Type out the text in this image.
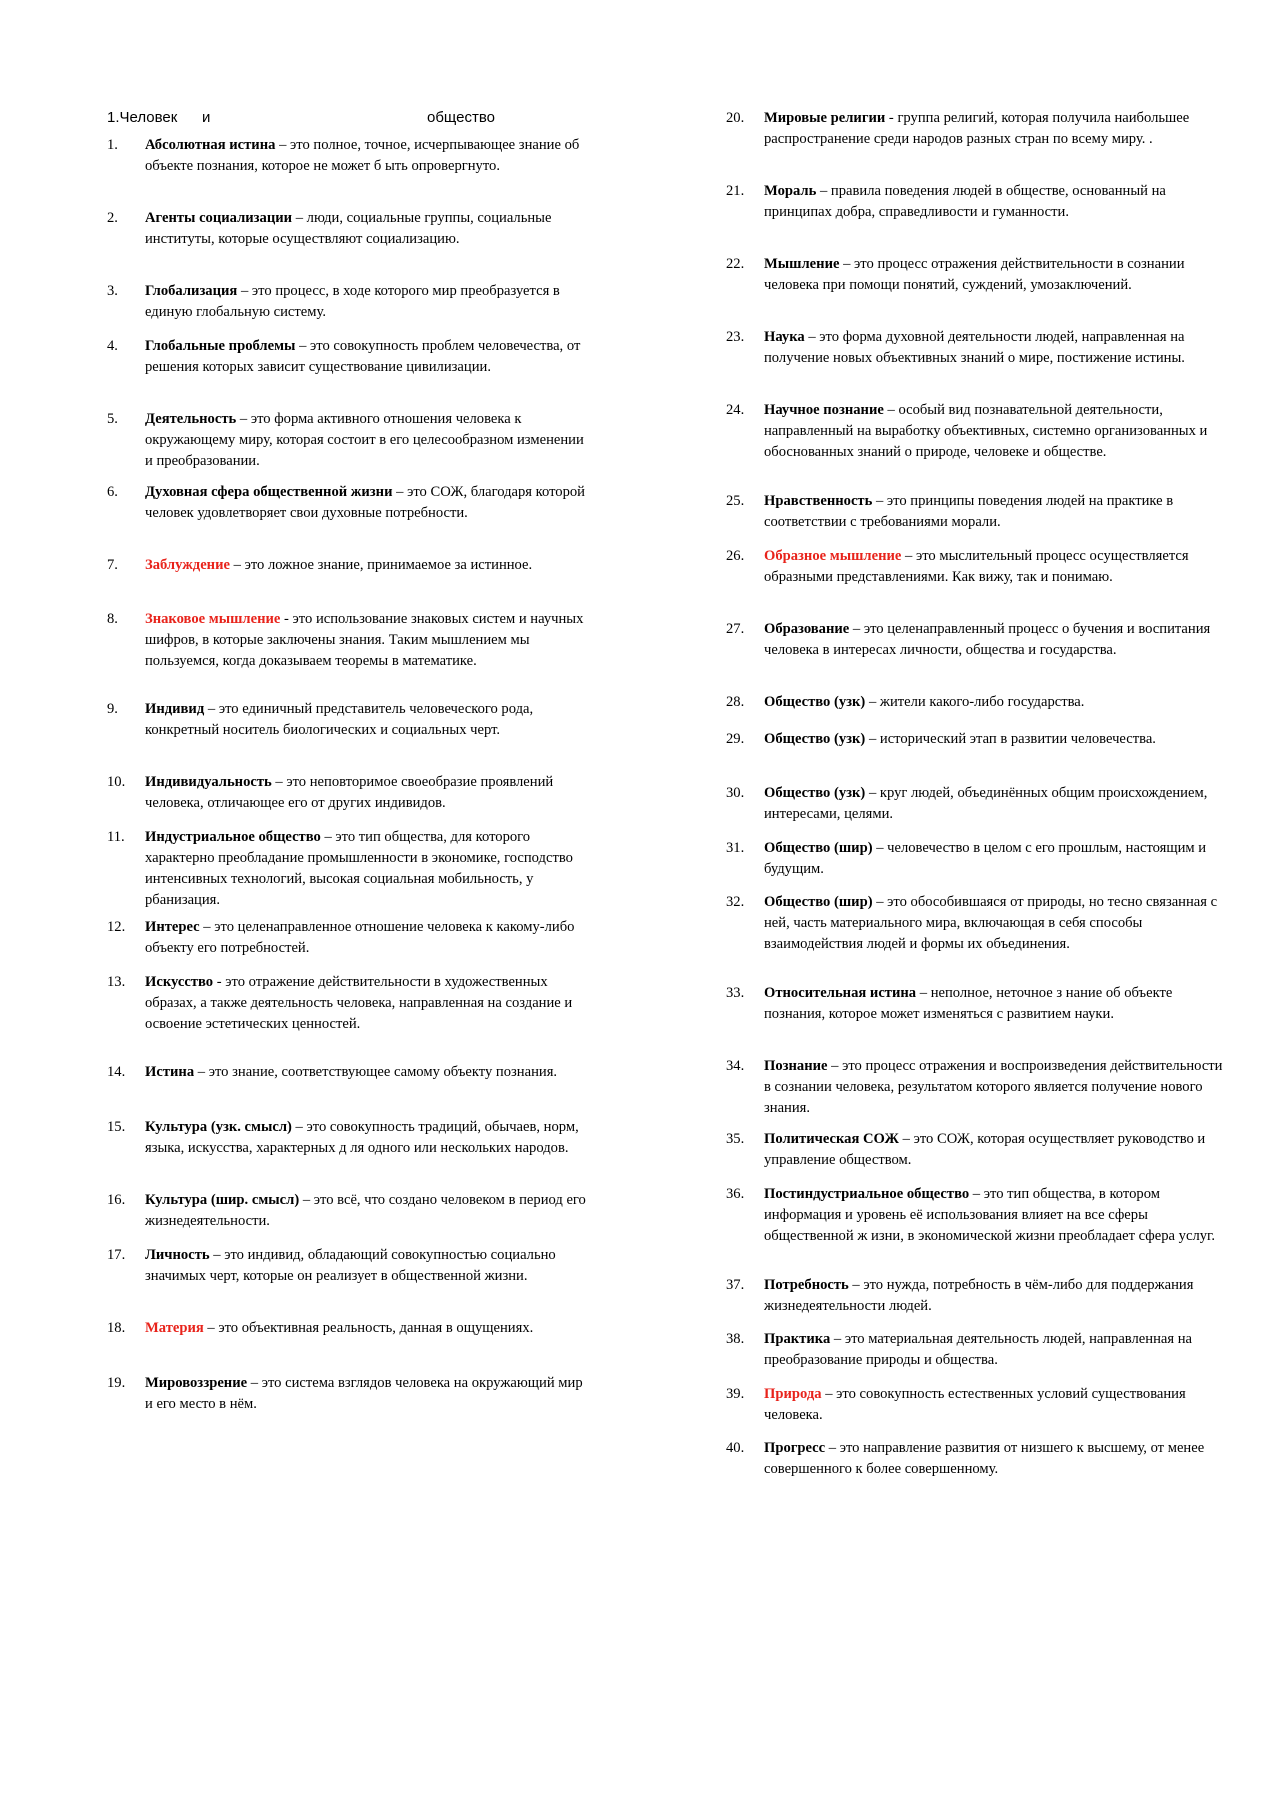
1.Человек и	общество
1. Абсолютная истина – это полное, точное, исчерпывающее знание об объекте познания, которое не может б ыть опровергнуто.
2. Агенты социализации – люди, социальные группы, социальные институты, которые осуществляют социализацию.
3. Глобализация – это процесс, в ходе которого мир преобразуется в единую глобальную систему.
4. Глобальные проблемы – это совокупность проблем человечества, от решения которых зависит существование цивилизации.
5. Деятельность – это форма активного отношения человека к окружающему миру, которая состоит в его целесообразном изменении и преобразовании.
6. Духовная сфера общественной жизни – это СОЖ, благодаря которой человек удовлетворяет свои духовные потребности.
7. Заблуждение – это ложное знание, принимаемое за истинное.
8. Знаковое мышление - это использование знаковых систем и научных шифров, в которые заключены знания. Таким мышлением мы пользуемся, когда доказываем теоремы в математике.
9. Индивид – это единичный представитель человеческого рода, конкретный носитель биологических и социальных черт.
10. Индивидуальность – это неповторимое своеобразие проявлений человека, отличающее его от других индивидов.
11. Индустриальное общество – это тип общества, для которого характерно преобладание промышленности в экономике, господство интенсивных технологий, высокая социальная мобильность, у рбанизация.
12. Интерес – это целенаправленное отношение человека к какому-либо объекту его потребностей.
13. Искусство - это отражение действительности в художественных образах, а также деятельность человека, направленная на создание и освоение эстетических ценностей.
14. Истина – это знание, соответствующее самому объекту познания.
15. Культура (узк. смысл) – это совокупность традиций, обычаев, норм, языка, искусства, характерных д ля одного или нескольких народов.
16. Культура (шир. смысл) – это всё, что создано человеком в период его жизнедеятельности.
17. Личность – это индивид, обладающий совокупностью социально значимых черт, которые он реализует в общественной жизни.
18. Материя – это объективная реальность, данная в ощущениях.
19. Мировоззрение – это система взглядов человека на окружающий мир и его место в нём.
20. Мировые религии - группа религий, которая получила наибольшее распространение среди народов разных стран по всему миру. .
21. Мораль – правила поведения людей в обществе, основанный на принципах добра, справедливости и гуманности.
22. Мышление – это процесс отражения действительности в сознании человека при помощи понятий, суждений, умозаключений.
23. Наука – это форма духовной деятельности людей, направленная на получение новых объективных знаний о мире, постижение истины.
24. Научное познание – особый вид познавательной деятельности, направленный на выработку объективных, системно организованных и обоснованных знаний о природе, человеке и обществе.
25. Нравственность – это принципы поведения людей на практике в соответствии с требованиями морали.
26. Образное мышление – это мыслительный процесс осуществляется образными представлениями. Как вижу, так и понимаю.
27. Образование – это целенаправленный процесс о бучения и воспитания человека в интересах личности, общества и государства.
28. Общество (узк) – жители какого-либо государства.
29. Общество (узк) – исторический этап в развитии человечества.
30. Общество (узк) – круг людей, объединённых общим происхождением, интересами, целями.
31. Общество (шир) – человечество в целом с его прошлым, настоящим и будущим.
32. Общество (шир) – это обособившаяся от природы, но тесно связанная с ней, часть материального мира, включающая в себя способы взаимодействия людей и формы их объединения.
33. Относительная истина – неполное, неточное з нание об объекте познания, которое может изменяться с развитием науки.
34. Познание – это процесс отражения и воспроизведения действительности в сознании человека, результатом которого является получение нового знания.
35. Политическая СОЖ – это СОЖ, которая осуществляет руководство и управление обществом.
36. Постиндустриальное общество – это тип общества, в котором информация и уровень её использования влияет на все сферы общественной ж изни, в экономической жизни преобладает сфера услуг.
37. Потребность – это нужда, потребность в чём-либо для поддержания жизнедеятельности людей.
38. Практика – это материальная деятельность людей, направленная на преобразование природы и общества.
39. Природа – это совокупность естественных условий существования человека.
40. Прогресс – это направление развития от низшего к высшему, от менее совершенного к более совершенному.
